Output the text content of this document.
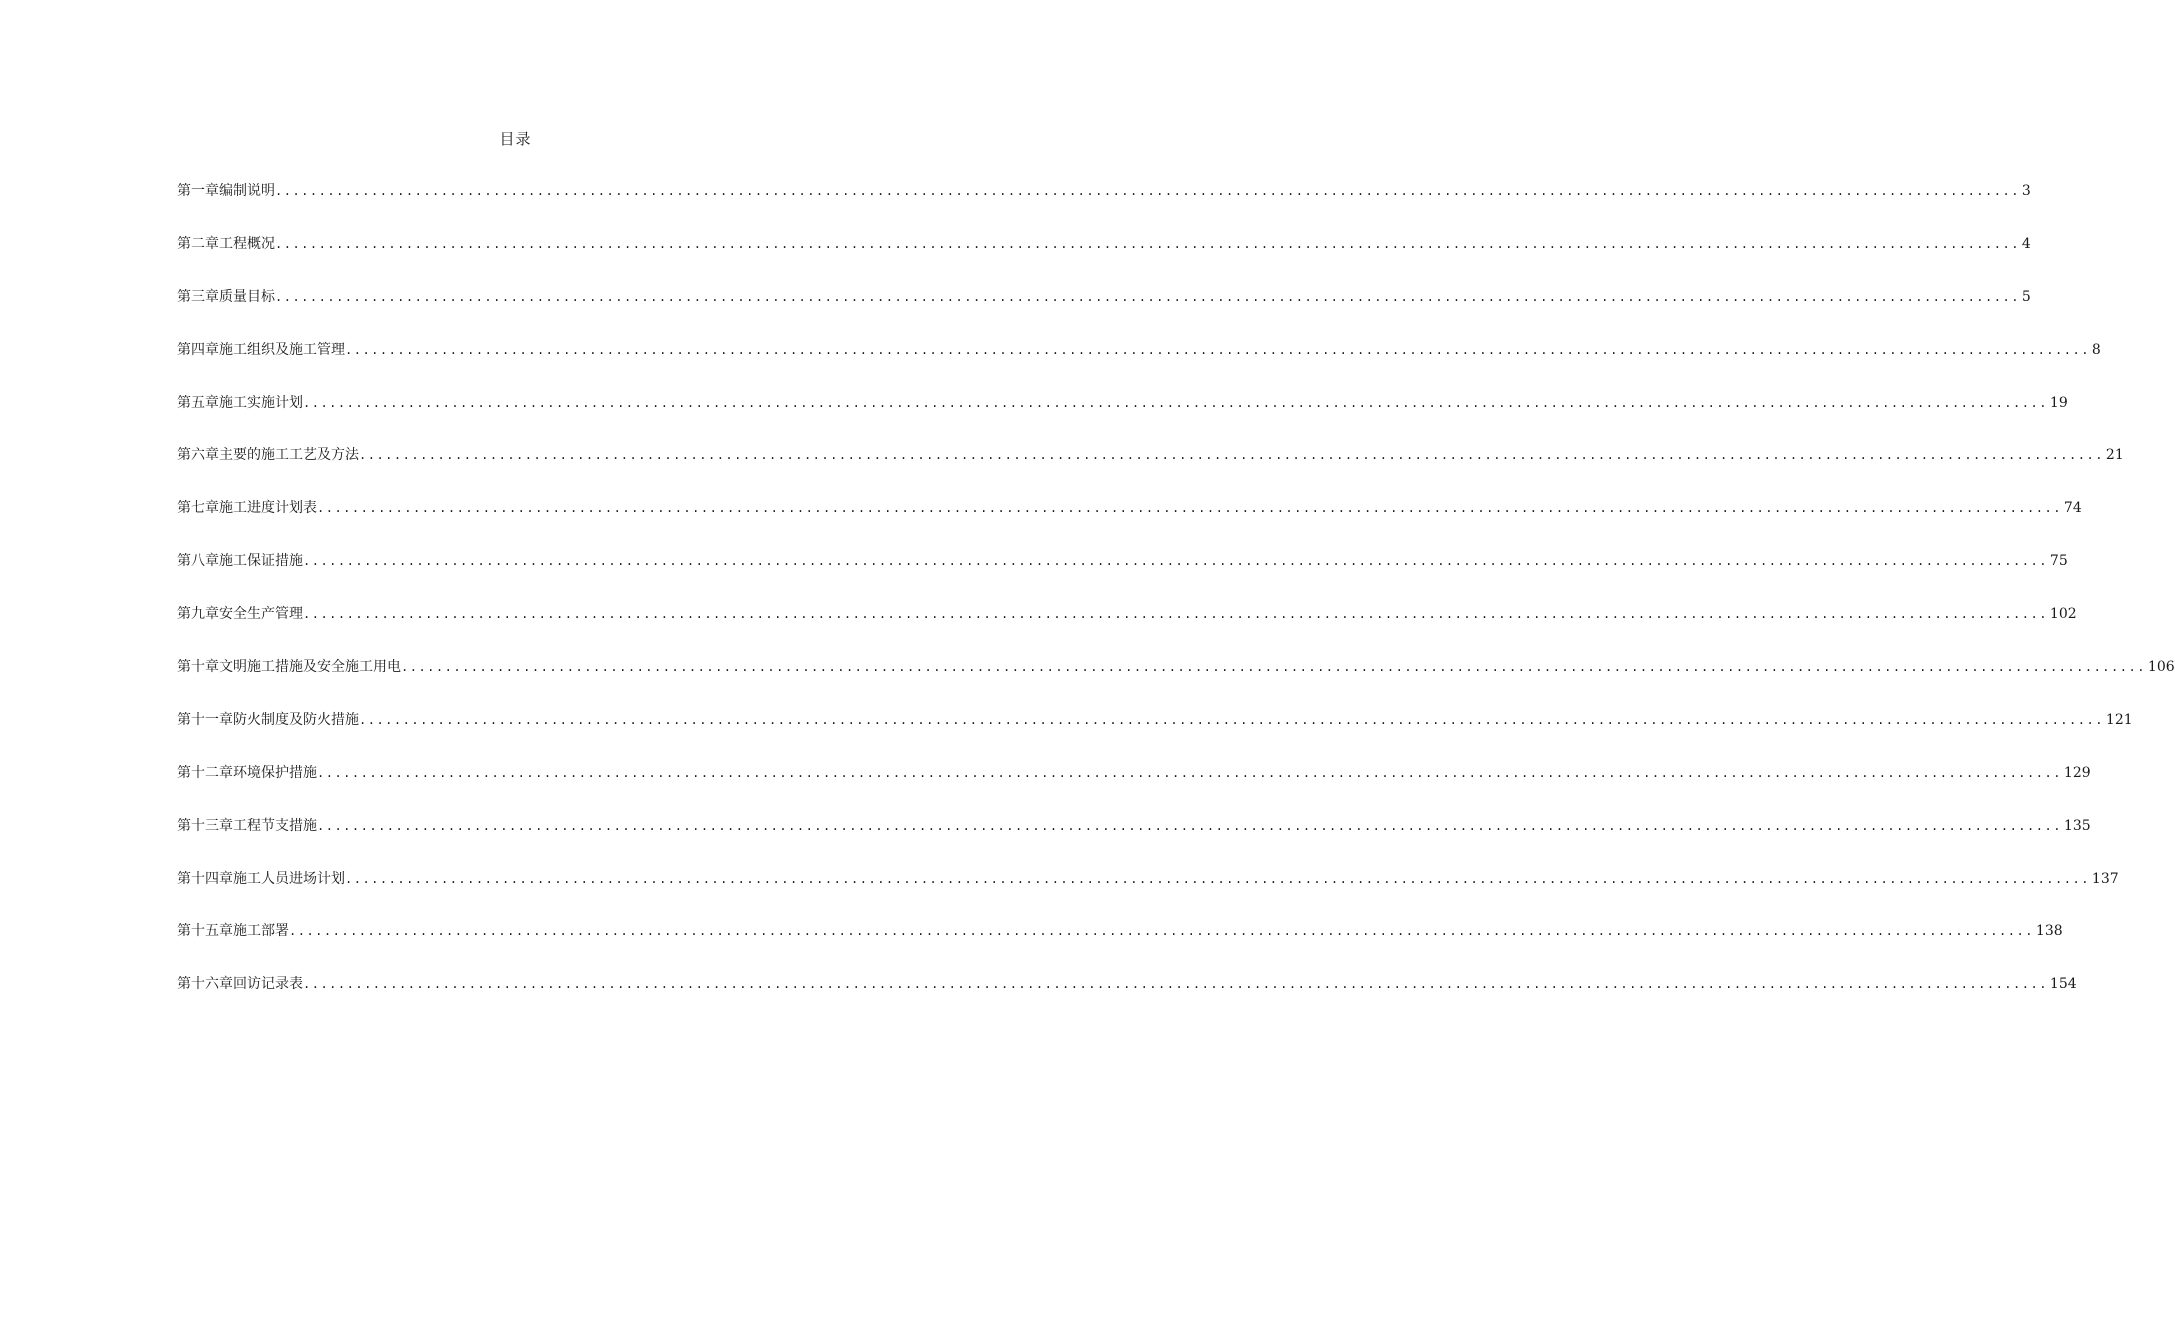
目录
第一章 编制说明 ........................................................................................................................................................................................................ 3
第二章 工程概况 ........................................................................................................................................................................................................ 4
第三章 质量目标 ........................................................................................................................................................................................................ 5
第四章 施工组织及施工管理 ........................................................................................................................................................................................................ 8
第五章 施工实施计划 ........................................................................................................................................................................................................ 19
第六章 主要的施工工艺及方法 ........................................................................................................................................................................................................ 21
第七章 施工进度计划表 ........................................................................................................................................................................................................ 74
第八章 施工保证措施 ........................................................................................................................................................................................................ 75
第九章 安全生产管理 ........................................................................................................................................................................................................ 102
第十章 文明施工措施及安全施工用电 ........................................................................................................................................................................................................ 106
第十一章 防火制度及防火措施 ........................................................................................................................................................................................................ 121
第十二章 环境保护措施 ........................................................................................................................................................................................................ 129
第十三章 工程节支措施 ........................................................................................................................................................................................................ 135
第十四章 施工人员进场计划 ........................................................................................................................................................................................................ 137
第十五章 施工部署 ........................................................................................................................................................................................................ 138
第十六章 回访记录表 ........................................................................................................................................................................................................ 154
